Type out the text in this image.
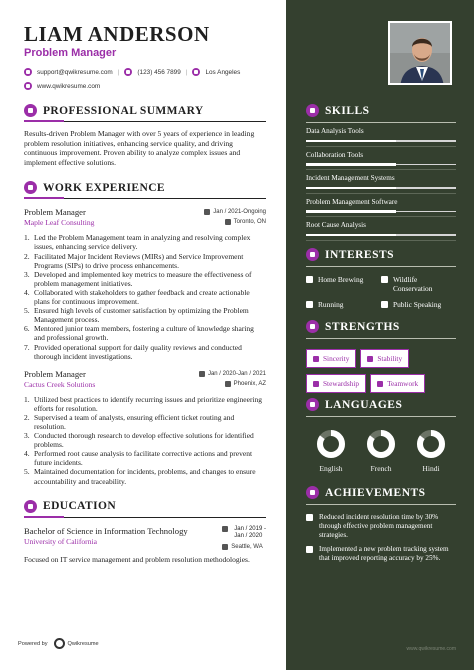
LIAM ANDERSON
Problem Manager
support@qwikresume.com |	(123) 456 7899 |	Los Angeles
www.qwikresume.com
PROFESSIONAL SUMMARY
Results-driven Problem Manager with over 5 years of experience in leading problem resolution initiatives, enhancing service quality, and driving continuous improvement. Proven ability to analyze complex issues and implement effective solutions.
WORK EXPERIENCE
Problem Manager	Jan / 2021-Ongoing
Maple Leaf Consulting	Toronto, ON
1. Led the Problem Management team in analyzing and resolving complex issues, enhancing service delivery.
2. Facilitated Major Incident Reviews (MIRs) and Service Improvement Programs (SIPs) to drive process enhancements.
3. Developed and implemented key metrics to measure the effectiveness of problem management initiatives.
4. Collaborated with stakeholders to gather feedback and create actionable plans for continuous improvement.
5. Ensured high levels of customer satisfaction by optimizing the Problem Management process.
6. Mentored junior team members, fostering a culture of knowledge sharing and professional growth.
7. Provided operational support for daily quality reviews and conducted thorough incident investigations.
Problem Manager	Jan / 2020-Jan / 2021
Cactus Creek Solutions	Phoenix, AZ
1. Utilized best practices to identify recurring issues and prioritize engineering efforts for resolution.
2. Supervised a team of analysts, ensuring efficient ticket routing and resolution.
3. Conducted thorough research to develop effective solutions for identified problems.
4. Performed root cause analysis to facilitate corrective actions and prevent future incidents.
5. Maintained documentation for incidents, problems, and changes to ensure accountability and traceability.
EDUCATION
Bachelor of Science in Information Technology
University of California
Jan / 2019 -
Jan / 2020
Seattle, WA
Focused on IT service management and problem resolution methodologies.
Powered by	Qwikresume
SKILLS
Data Analysis Tools
Collaboration Tools
Incident Management Systems
Problem Management Software
Root Cause Analysis
INTERESTS
Home Brewing	Wildlife Conservation
Running	Public Speaking
STRENGTHS
Sincerity	Stability
Stewardship	Teamwork
LANGUAGES
English	French	Hindi
ACHIEVEMENTS
Reduced incident resolution time by 30% through effective problem management strategies.
Implemented a new problem tracking system that improved reporting accuracy by 25%.
www.qwikresume.com
